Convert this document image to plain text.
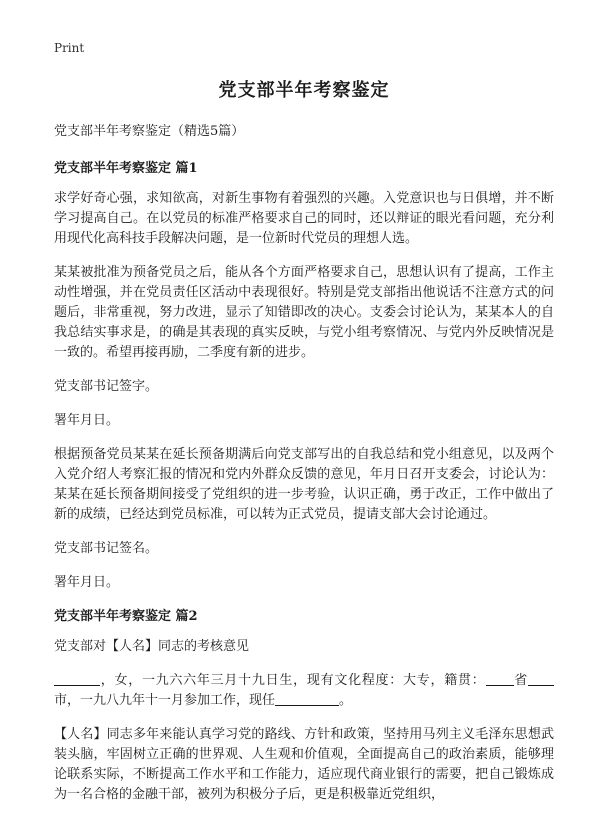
Print
党支部半年考察鉴定
党支部半年考察鉴定（精选5篇）
党支部半年考察鉴定 篇1

求学好奇心强，求知欲高，对新生事物有着强烈的兴趣。入党意识也与日俱增，并不断学习提高自己。在以党员的标准严格要求自己的同时，还以辩证的眼光看问题，充分利用现代化高科技手段解决问题，是一位新时代党员的理想人选。

某某被批准为预备党员之后，能从各个方面严格要求自己，思想认识有了提高，工作主动性增强，并在党员责任区活动中表现很好。特别是党支部指出他说话不注意方式的问题后，非常重视，努力改进，显示了知错即改的决心。支委会讨论认为，某某本人的自我总结实事求是，的确是其表现的真实反映，与党小组考察情况、与党内外反映情况是一致的。希望再接再励，二季度有新的进步。

党支部书记签字。

署年月日。

根据预备党员某某在延长预备期满后向党支部写出的自我总结和党小组意见，以及两个入党介绍人考察汇报的情况和党内外群众反馈的意见，年月日召开支委会，讨论认为：某某在延长预备期间接受了党组织的进一步考验，认识正确，勇于改正，工作中做出了新的成绩，已经达到党员标准，可以转为正式党员，提请支部大会讨论通过。

党支部书记签名。

署年月日。

党支部半年考察鉴定 篇2

党支部对【人名】同志的考核意见

，女，一九六六年三月十九日生，现有文化程度：大专，籍贯： 省市，一九八九年十一月参加工作，现任	。

【人名】同志多年来能认真学习党的路线、方针和政策，坚持用马列主义毛泽东思想武装头脑，牢固树立正确的世界观、人生观和价值观，全面提高自己的政治素质，能够理论联系实际，不断提高工作水平和工作能力，适应现代商业银行的需要，把自己锻炼成为一名合格的金融干部，被列为积极分子后，更是积极靠近党组织，
